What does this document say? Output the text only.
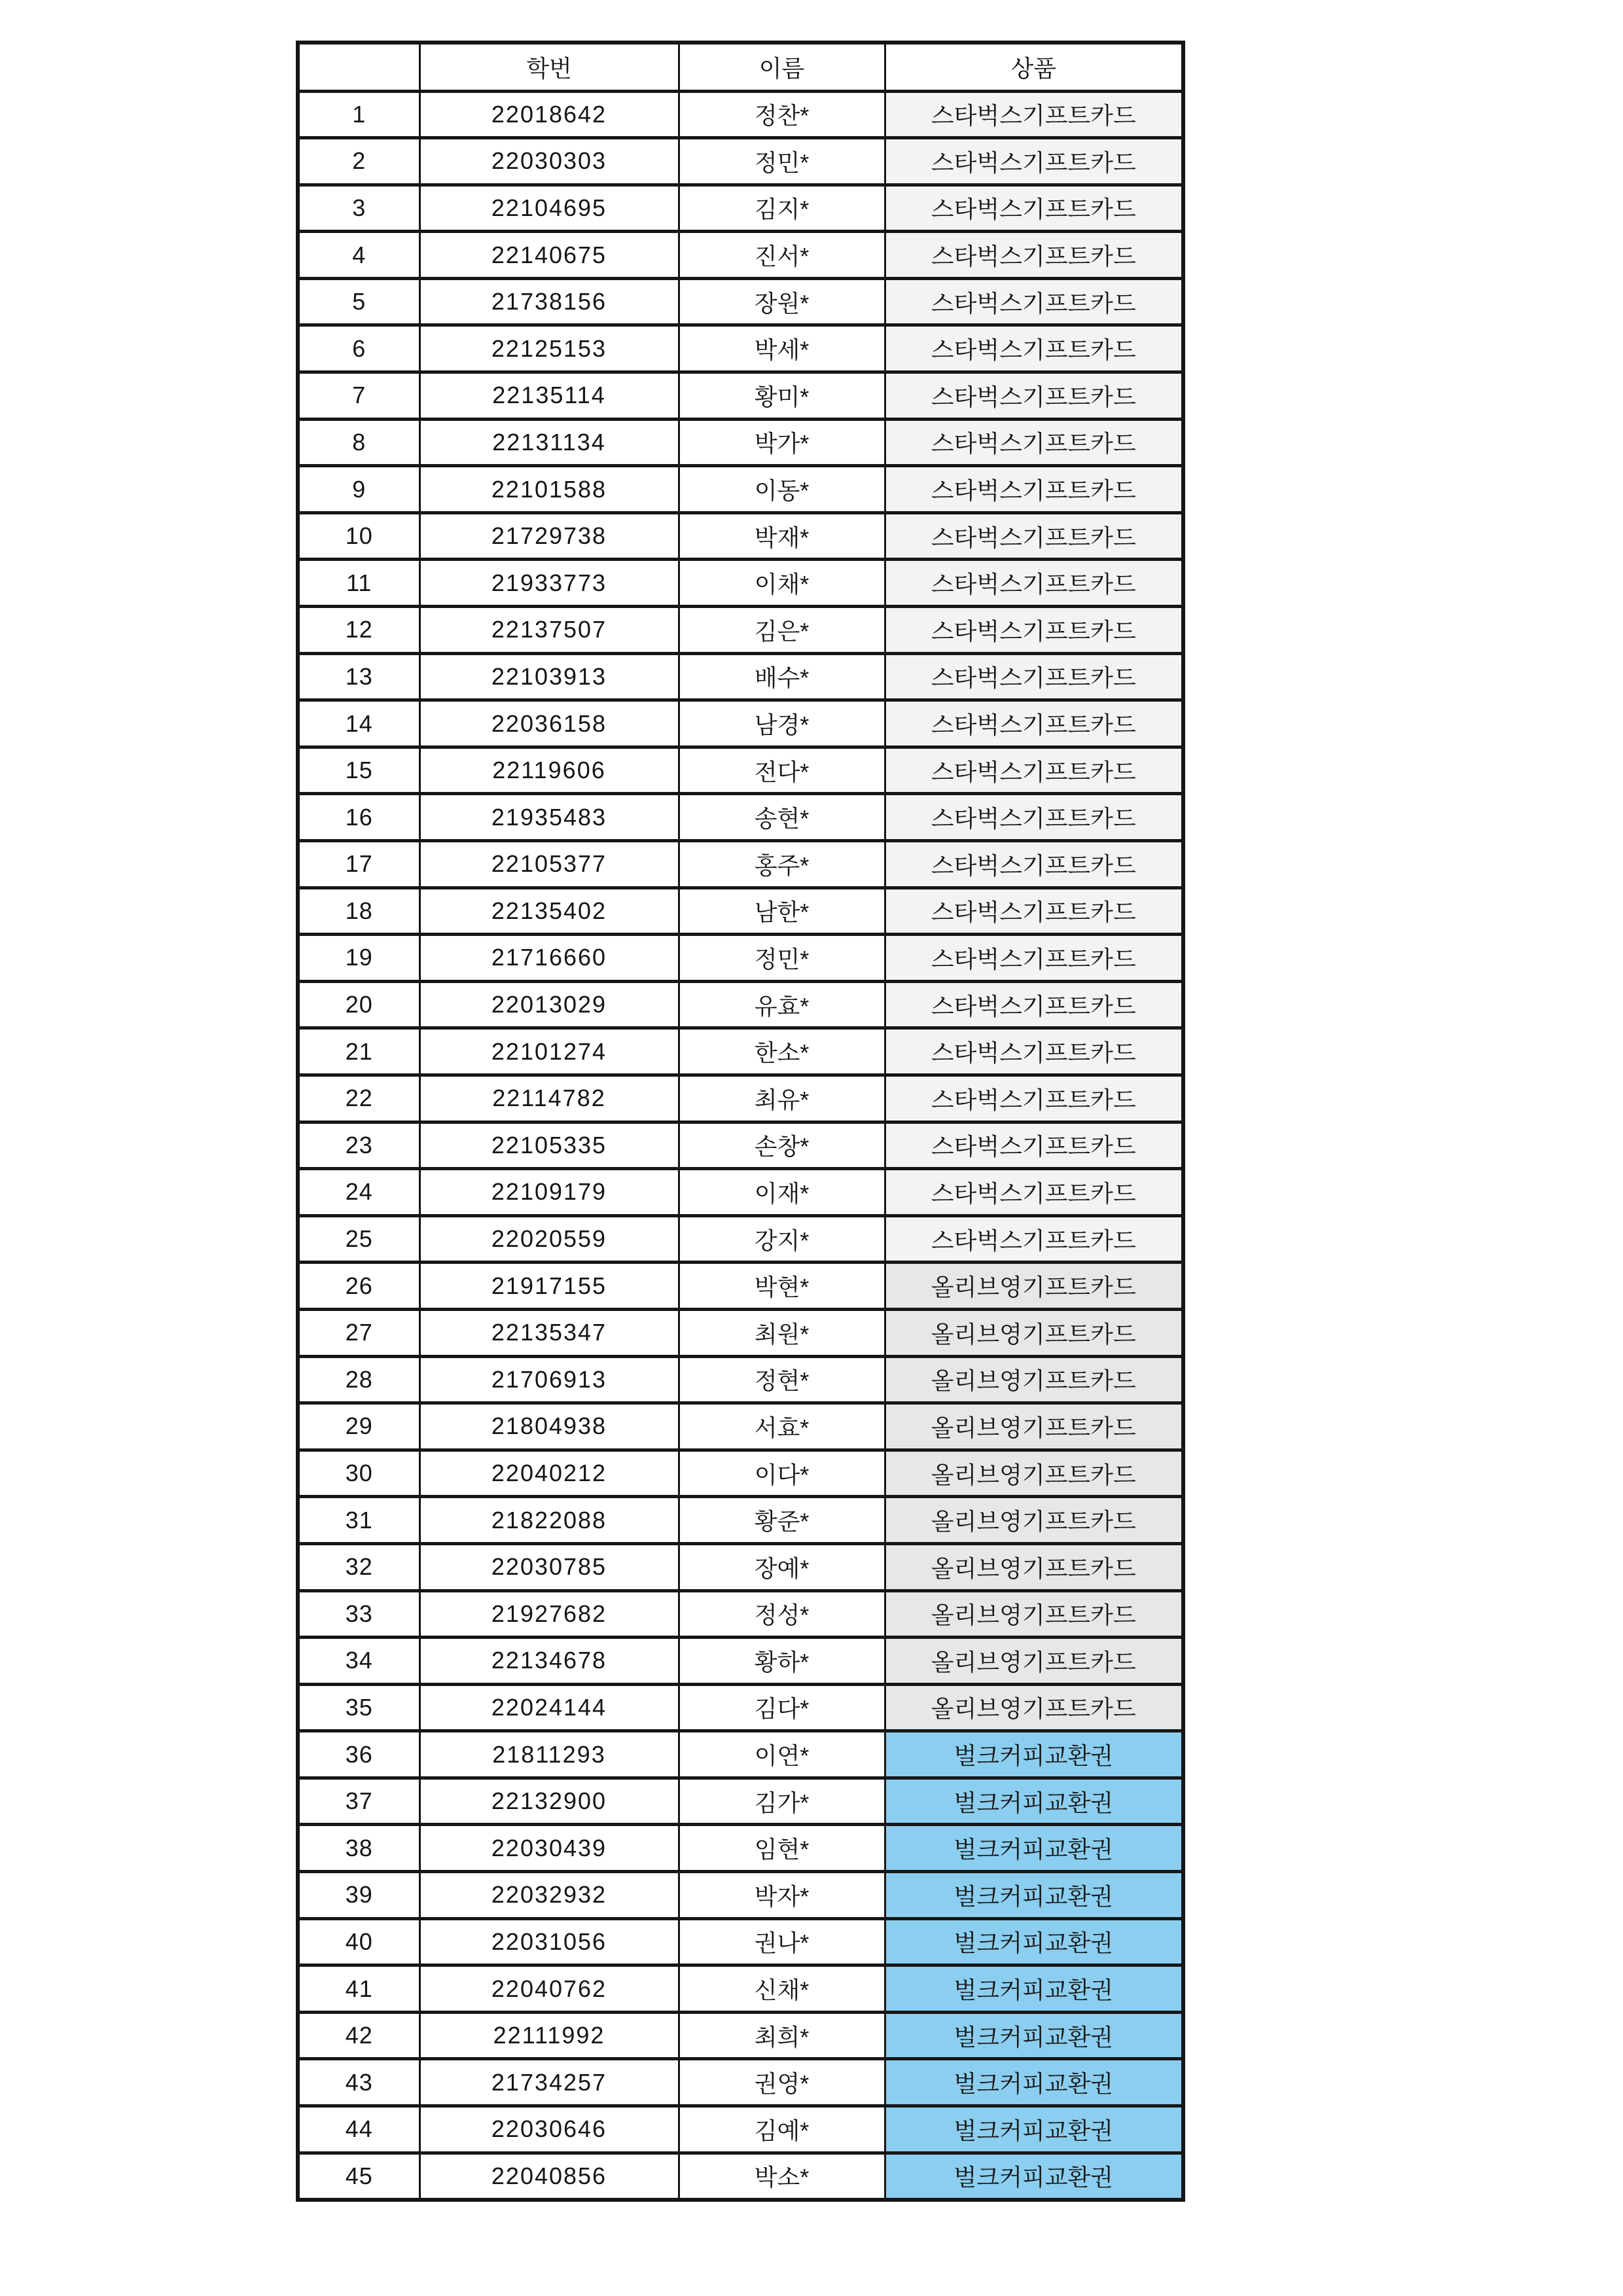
	학번	이름	상품
1	22018642	정찬*	스타벅스기프트카드
2	22030303	정민*	스타벅스기프트카드
3	22104695	김지*	스타벅스기프트카드
4	22140675	진서*	스타벅스기프트카드
5	21738156	장원*	스타벅스기프트카드
6	22125153	박세*	스타벅스기프트카드
7	22135114	황미*	스타벅스기프트카드
8	22131134	박가*	스타벅스기프트카드
9	22101588	이동*	스타벅스기프트카드
10	21729738	박재*	스타벅스기프트카드
11	21933773	이채*	스타벅스기프트카드
12	22137507	김은*	스타벅스기프트카드
13	22103913	배수*	스타벅스기프트카드
14	22036158	남경*	스타벅스기프트카드
15	22119606	전다*	스타벅스기프트카드
16	21935483	송현*	스타벅스기프트카드
17	22105377	홍주*	스타벅스기프트카드
18	22135402	남한*	스타벅스기프트카드
19	21716660	정민*	스타벅스기프트카드
20	22013029	유효*	스타벅스기프트카드
21	22101274	한소*	스타벅스기프트카드
22	22114782	최유*	스타벅스기프트카드
23	22105335	손창*	스타벅스기프트카드
24	22109179	이재*	스타벅스기프트카드
25	22020559	강지*	스타벅스기프트카드
26	21917155	박현*	올리브영기프트카드
27	22135347	최원*	올리브영기프트카드
28	21706913	정현*	올리브영기프트카드
29	21804938	서효*	올리브영기프트카드
30	22040212	이다*	올리브영기프트카드
31	21822088	황준*	올리브영기프트카드
32	22030785	장예*	올리브영기프트카드
33	21927682	정성*	올리브영기프트카드
34	22134678	황하*	올리브영기프트카드
35	22024144	김다*	올리브영기프트카드
36	21811293	이연*	벌크커피교환권
37	22132900	김가*	벌크커피교환권
38	22030439	임현*	벌크커피교환권
39	22032932	박자*	벌크커피교환권
40	22031056	권나*	벌크커피교환권
41	22040762	신채*	벌크커피교환권
42	22111992	최희*	벌크커피교환권
43	21734257	권영*	벌크커피교환권
44	22030646	김예*	벌크커피교환권
45	22040856	박소*	벌크커피교환권
